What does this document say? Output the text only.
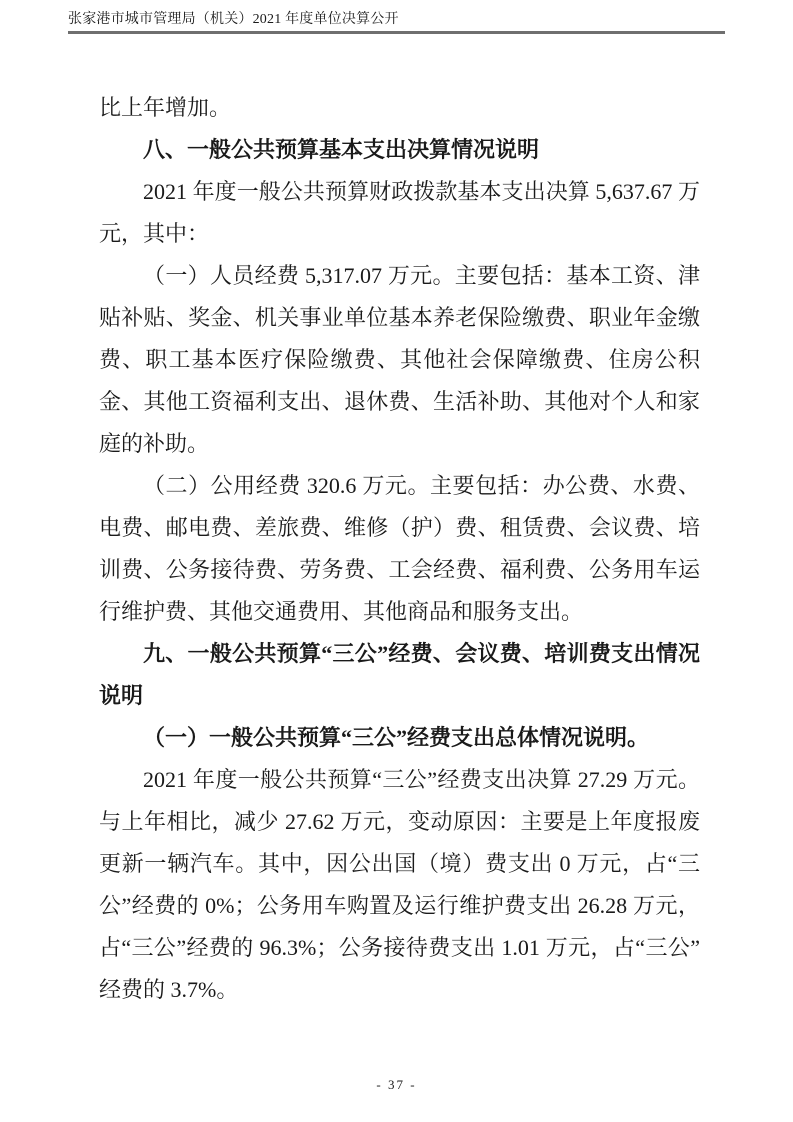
张家港市城市管理局（机关）2021 年度单位决算公开

比上年增加。

八、一般公共预算基本支出决算情况说明

2021 年度一般公共预算财政拨款基本支出决算 5,637.67 万元，其中：

（一）人员经费 5,317.07 万元。主要包括：基本工资、津贴补贴、奖金、机关事业单位基本养老保险缴费、职业年金缴费、职工基本医疗保险缴费、其他社会保障缴费、住房公积金、其他工资福利支出、退休费、生活补助、其他对个人和家庭的补助。

（二）公用经费 320.6 万元。主要包括：办公费、水费、电费、邮电费、差旅费、维修（护）费、租赁费、会议费、培训费、公务接待费、劳务费、工会经费、福利费、公务用车运行维护费、其他交通费用、其他商品和服务支出。

九、一般公共预算“三公”经费、会议费、培训费支出情况说明

（一）一般公共预算“三公”经费支出总体情况说明。

2021 年度一般公共预算“三公”经费支出决算 27.29 万元。与上年相比，减少 27.62 万元，变动原因：主要是上年度报废更新一辆汽车。其中，因公出国（境）费支出 0 万元，占“三公”经费的 0%；公务用车购置及运行维护费支出 26.28 万元，占“三公”经费的 96.3%；公务接待费支出 1.01 万元，占“三公”经费的 3.7%。

- 37 -
